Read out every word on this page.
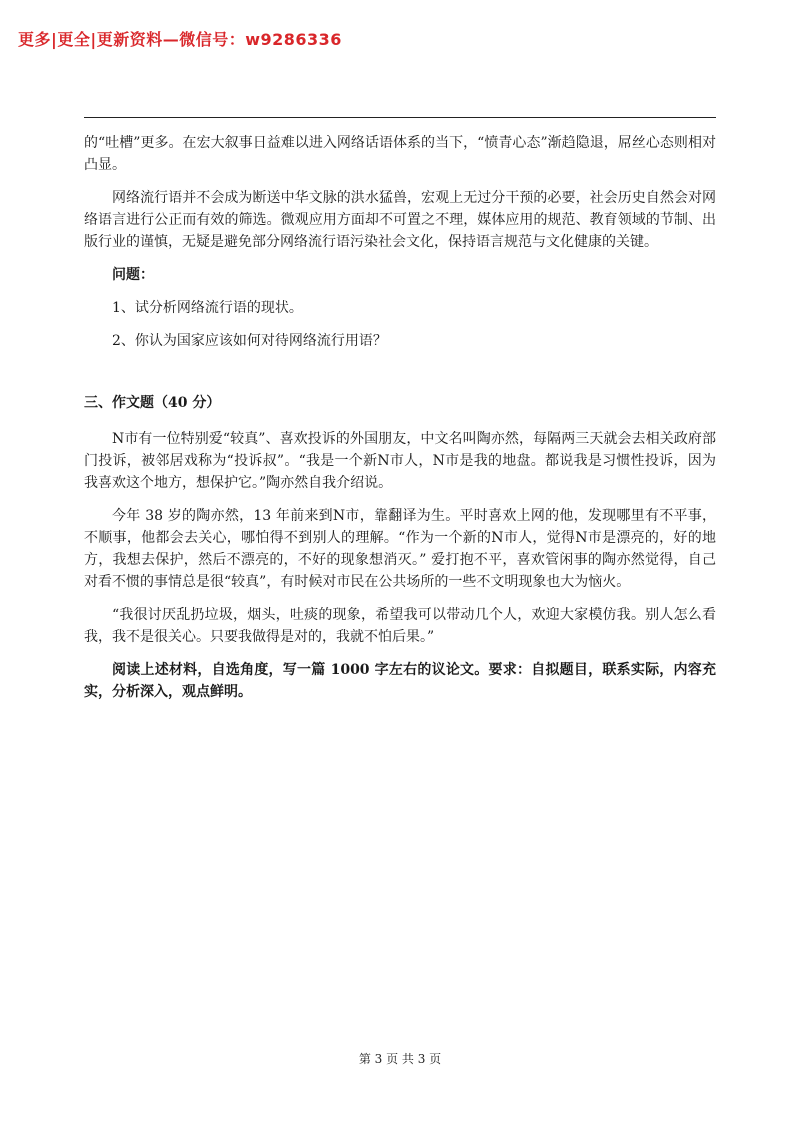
更多|更全|更新资料—微信号：w9286336

的“吐槽”更多。在宏大叙事日益难以进入网络话语体系的当下，“愤青心态”渐趋隐退，屌丝心态则相对凸显。

网络流行语并不会成为断送中华文脉的洪水猛兽，宏观上无过分干预的必要，社会历史自然会对网络语言进行公正而有效的筛选。微观应用方面却不可置之不理，媒体应用的规范、教育领域的节制、出版行业的谨慎，无疑是避免部分网络流行语污染社会文化，保持语言规范与文化健康的关键。

问题：

1、试分析网络流行语的现状。

2、你认为国家应该如何对待网络流行用语？

三、作文题（40 分）

N市有一位特别爱“较真”、喜欢投诉的外国朋友，中文名叫陶亦然，每隔两三天就会去相关政府部门投诉，被邻居戏称为“投诉叔”。“我是一个新N市人，N市是我的地盘。都说我是习惯性投诉，因为我喜欢这个地方，想保护它。”陶亦然自我介绍说。

今年 38 岁的陶亦然，13 年前来到N市，靠翻译为生。平时喜欢上网的他，发现哪里有不平事，不顺事，他都会去关心，哪怕得不到别人的理解。“作为一个新的N市人，觉得N市是漂亮的，好的地方，我想去保护，然后不漂亮的，不好的现象想消灭。” 爱打抱不平，喜欢管闲事的陶亦然觉得，自己对看不惯的事情总是很“较真”，有时候对市民在公共场所的一些不文明现象也大为恼火。

“我很讨厌乱扔垃圾，烟头，吐痰的现象，希望我可以带动几个人，欢迎大家模仿我。别人怎么看我，我不是很关心。只要我做得是对的，我就不怕后果。”

阅读上述材料，自选角度，写一篇 1000 字左右的议论文。要求：自拟题目，联系实际，内容充实，分析深入，观点鲜明。

第 3 页 共 3 页
